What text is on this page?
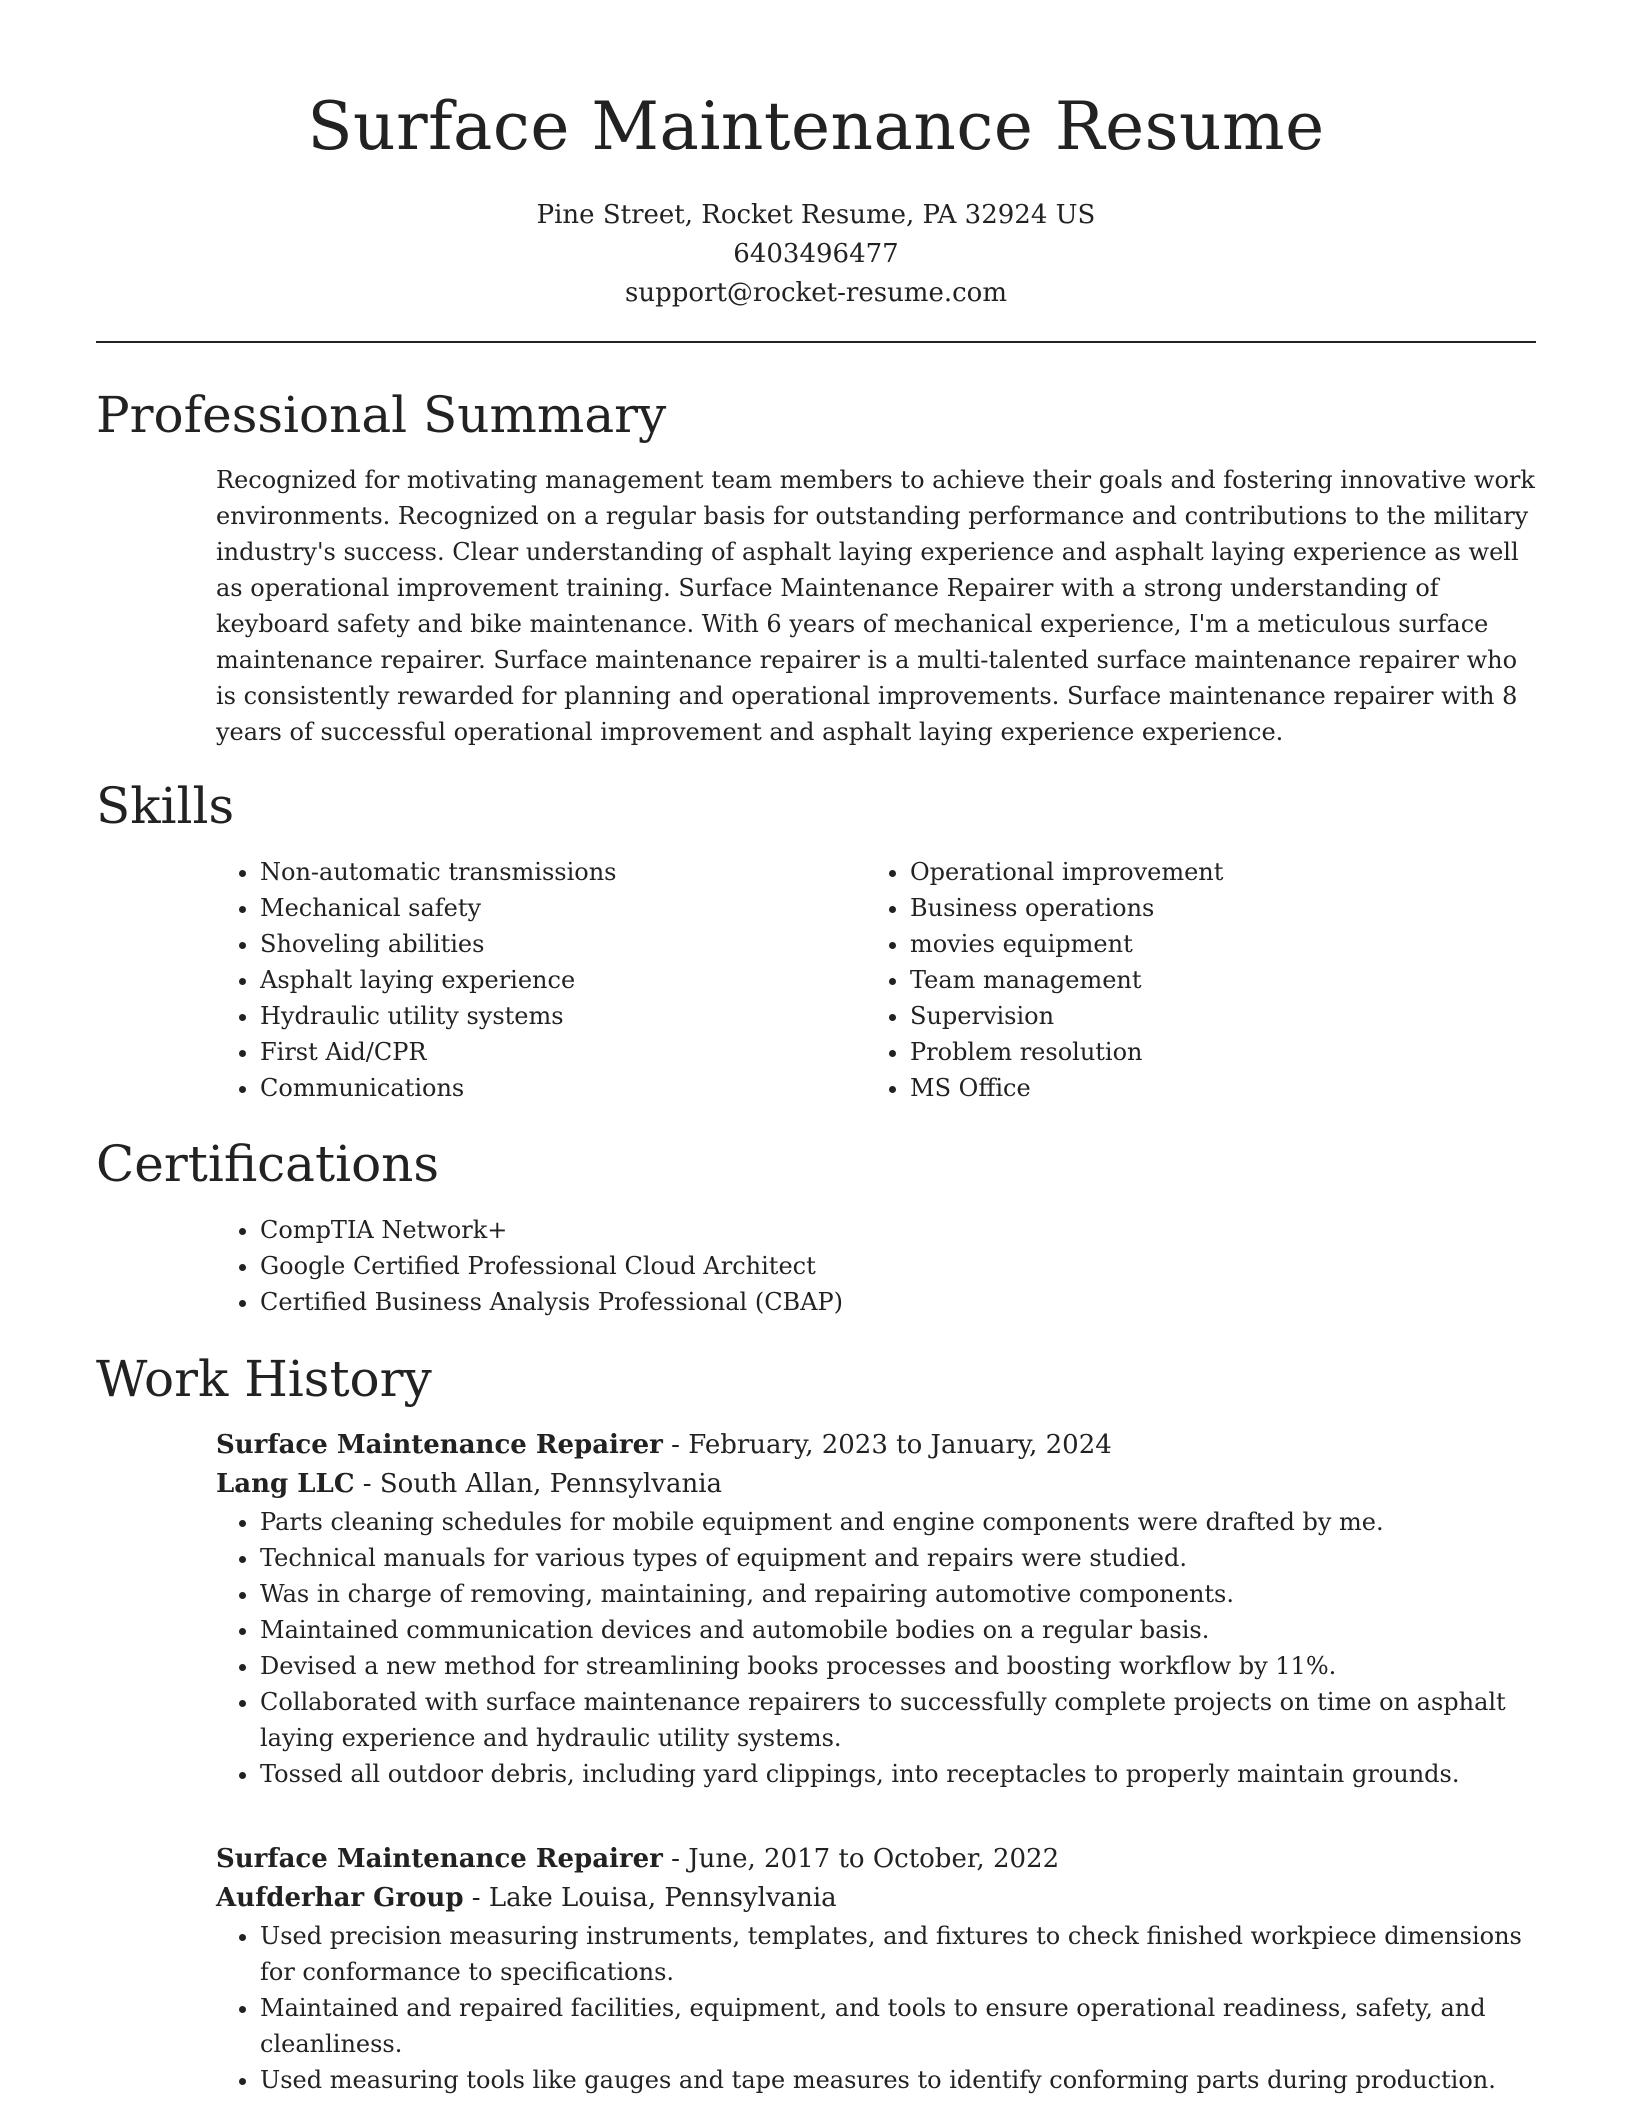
Surface Maintenance Resume
Pine Street, Rocket Resume, PA 32924 US
6403496477
support@rocket-resume.com
Professional Summary

Recognized for motivating management team members to achieve their goals and fostering innovative work environments. Recognized on a regular basis for outstanding performance and contributions to the military industry's success. Clear understanding of asphalt laying experience and asphalt laying experience as well as operational improvement training. Surface Maintenance Repairer with a strong understanding of keyboard safety and bike maintenance. With 6 years of mechanical experience, I'm a meticulous surface maintenance repairer. Surface maintenance repairer is a multi-talented surface maintenance repairer who is consistently rewarded for planning and operational improvements. Surface maintenance repairer with 8 years of successful operational improvement and asphalt laying experience experience.

Skills
• Non-automatic transmissions
• Mechanical safety
• Shoveling abilities
• Asphalt laying experience
• Hydraulic utility systems
• First Aid/CPR
• Communications
• Operational improvement
• Business operations
• movies equipment
• Team management
• Supervision
• Problem resolution
• MS Office
Certifications
• CompTIA Network+
• Google Certified Professional Cloud Architect
• Certified Business Analysis Professional (CBAP)
Work History
Surface Maintenance Repairer - February, 2023 to January, 2024
Lang LLC - South Allan, Pennsylvania
• Parts cleaning schedules for mobile equipment and engine components were drafted by me.
• Technical manuals for various types of equipment and repairs were studied.
• Was in charge of removing, maintaining, and repairing automotive components.
• Maintained communication devices and automobile bodies on a regular basis.
• Devised a new method for streamlining books processes and boosting workflow by 11%.
• Collaborated with surface maintenance repairers to successfully complete projects on time on asphalt laying experience and hydraulic utility systems.
• Tossed all outdoor debris, including yard clippings, into receptacles to properly maintain grounds.
Surface Maintenance Repairer - June, 2017 to October, 2022
Aufderhar Group - Lake Louisa, Pennsylvania
• Used precision measuring instruments, templates, and fixtures to check finished workpiece dimensions for conformance to specifications.
• Maintained and repaired facilities, equipment, and tools to ensure operational readiness, safety, and cleanliness.
• Used measuring tools like gauges and tape measures to identify conforming parts during production.
